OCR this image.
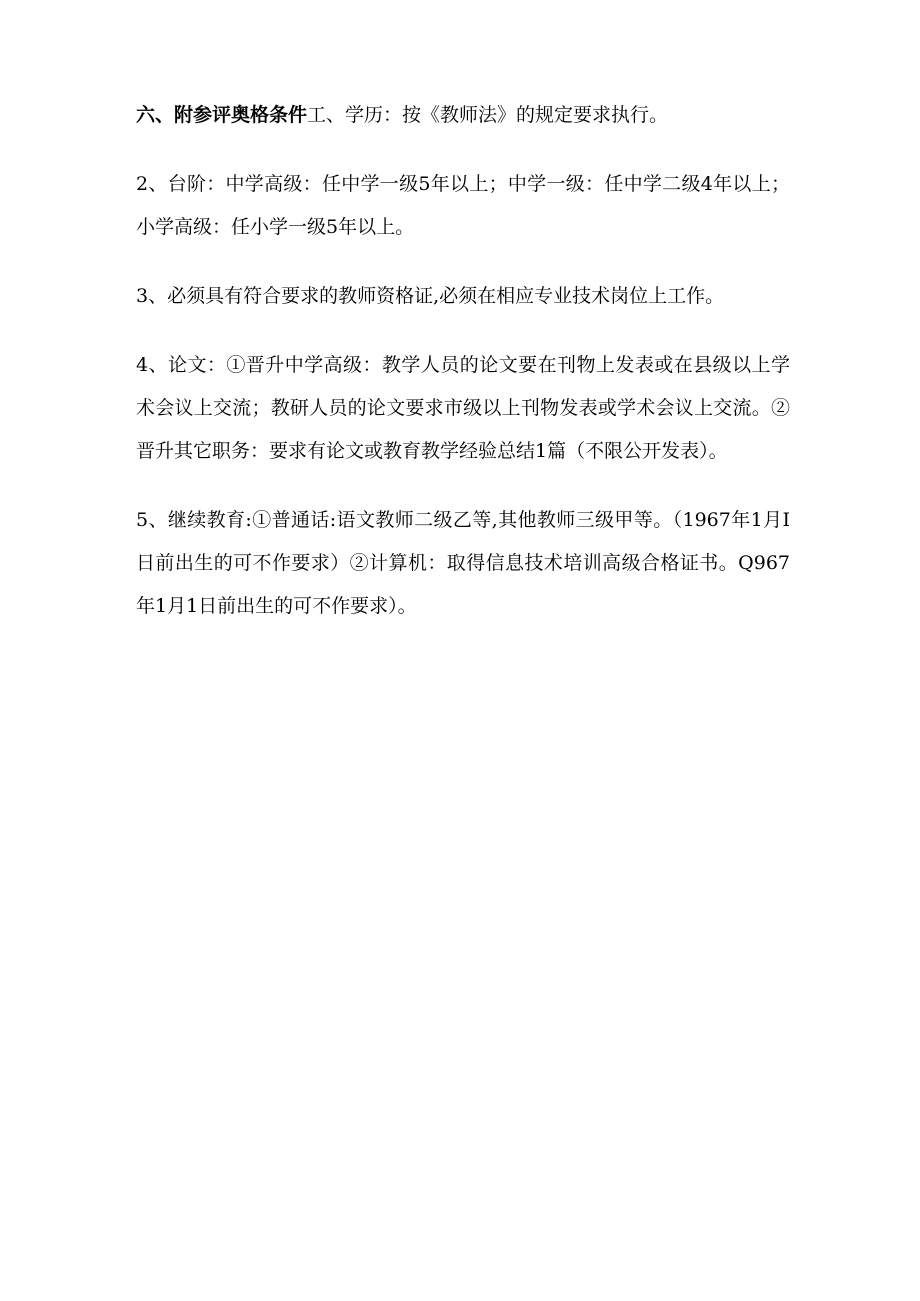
六、附参评奥格条件工、学历：按《教师法》的规定要求执行。

2、台阶：中学高级：任中学一级5年以上；中学一级：任中学二级4年以上；小学高级：任小学一级5年以上。

3、必须具有符合要求的教师资格证,必须在相应专业技术岗位上工作。

4、论文：①晋升中学高级：教学人员的论文要在刊物上发表或在县级以上学术会议上交流；教研人员的论文要求市级以上刊物发表或学术会议上交流。②晋升其它职务：要求有论文或教育教学经验总结1篇（不限公开发表）。

5、继续教育:①普通话:语文教师二级乙等,其他教师三级甲等。（1967年1月I日前出生的可不作要求）②计算机：取得信息技术培训高级合格证书。Q967年1月1日前出生的可不作要求）。
